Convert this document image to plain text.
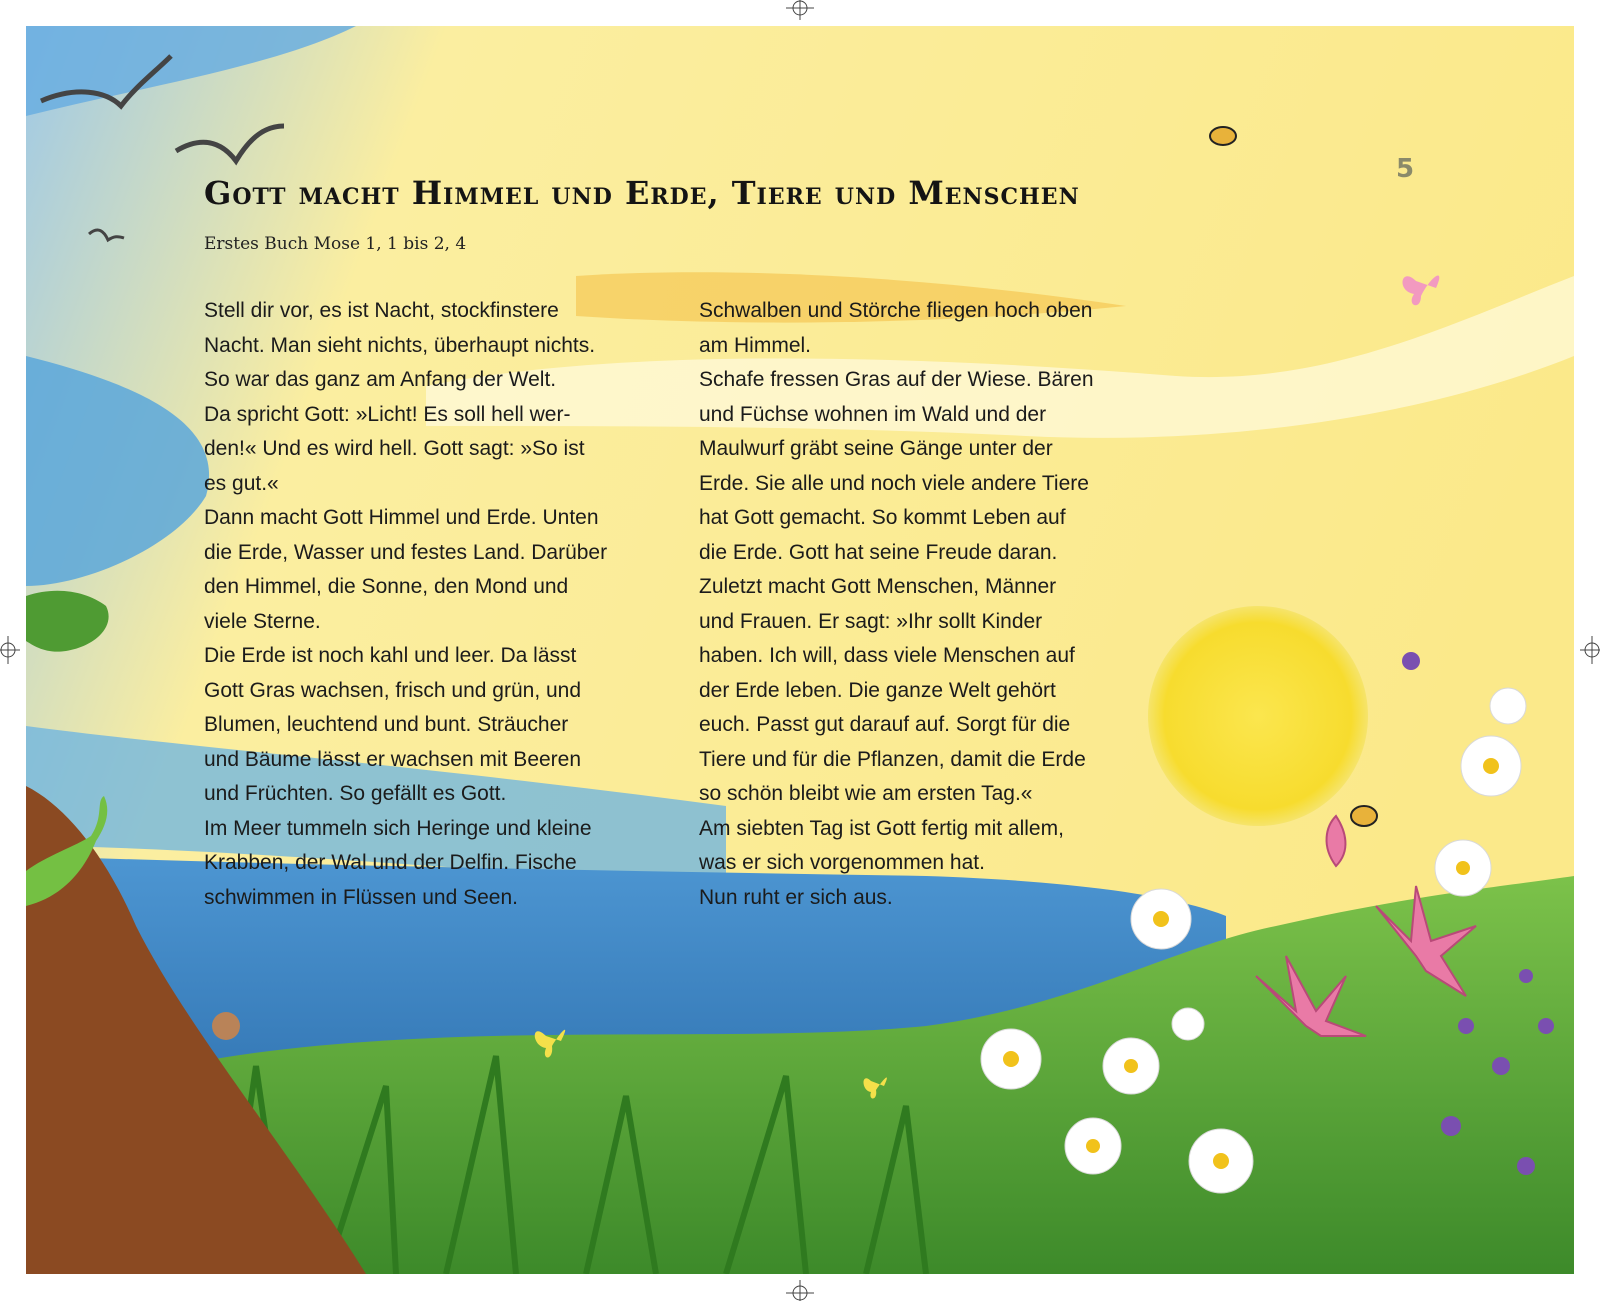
5
Gott macht Himmel und Erde, Tiere und Menschen
Erstes Buch Mose 1, 1 bis 2, 4

Stell dir vor, es ist Nacht, stockfinstere
Nacht. Man sieht nichts, überhaupt nichts.
So war das ganz am Anfang der Welt.

Da spricht Gott: »Licht! Es soll hell wer-
den!« Und es wird hell. Gott sagt: »So ist
es gut.«

Dann macht Gott Himmel und Erde. Unten
die Erde, Wasser und festes Land. Darüber
den Himmel, die Sonne, den Mond und
viele Sterne.

Die Erde ist noch kahl und leer. Da lässt
Gott Gras wachsen, frisch und grün, und
Blumen, leuchtend und bunt. Sträucher
und Bäume lässt er wachsen mit Beeren
und Früchten. So gefällt es Gott.

Im Meer tummeln sich Heringe und kleine
Krabben, der Wal und der Delfin. Fische
schwimmen in Flüssen und Seen.

Schwalben und Störche fliegen hoch oben
am Himmel.

Schafe fressen Gras auf der Wiese. Bären
und Füchse wohnen im Wald und der
Maulwurf gräbt seine Gänge unter der
Erde. Sie alle und noch viele andere Tiere
hat Gott gemacht. So kommt Leben auf
die Erde. Gott hat seine Freude daran.

Zuletzt macht Gott Menschen, Männer
und Frauen. Er sagt: »Ihr sollt Kinder
haben. Ich will, dass viele Menschen auf
der Erde leben. Die ganze Welt gehört
euch. Passt gut darauf auf. Sorgt für die
Tiere und für die Pflanzen, damit die Erde
so schön bleibt wie am ersten Tag.«

Am siebten Tag ist Gott fertig mit allem,
was er sich vorgenommen hat.
Nun ruht er sich aus.
